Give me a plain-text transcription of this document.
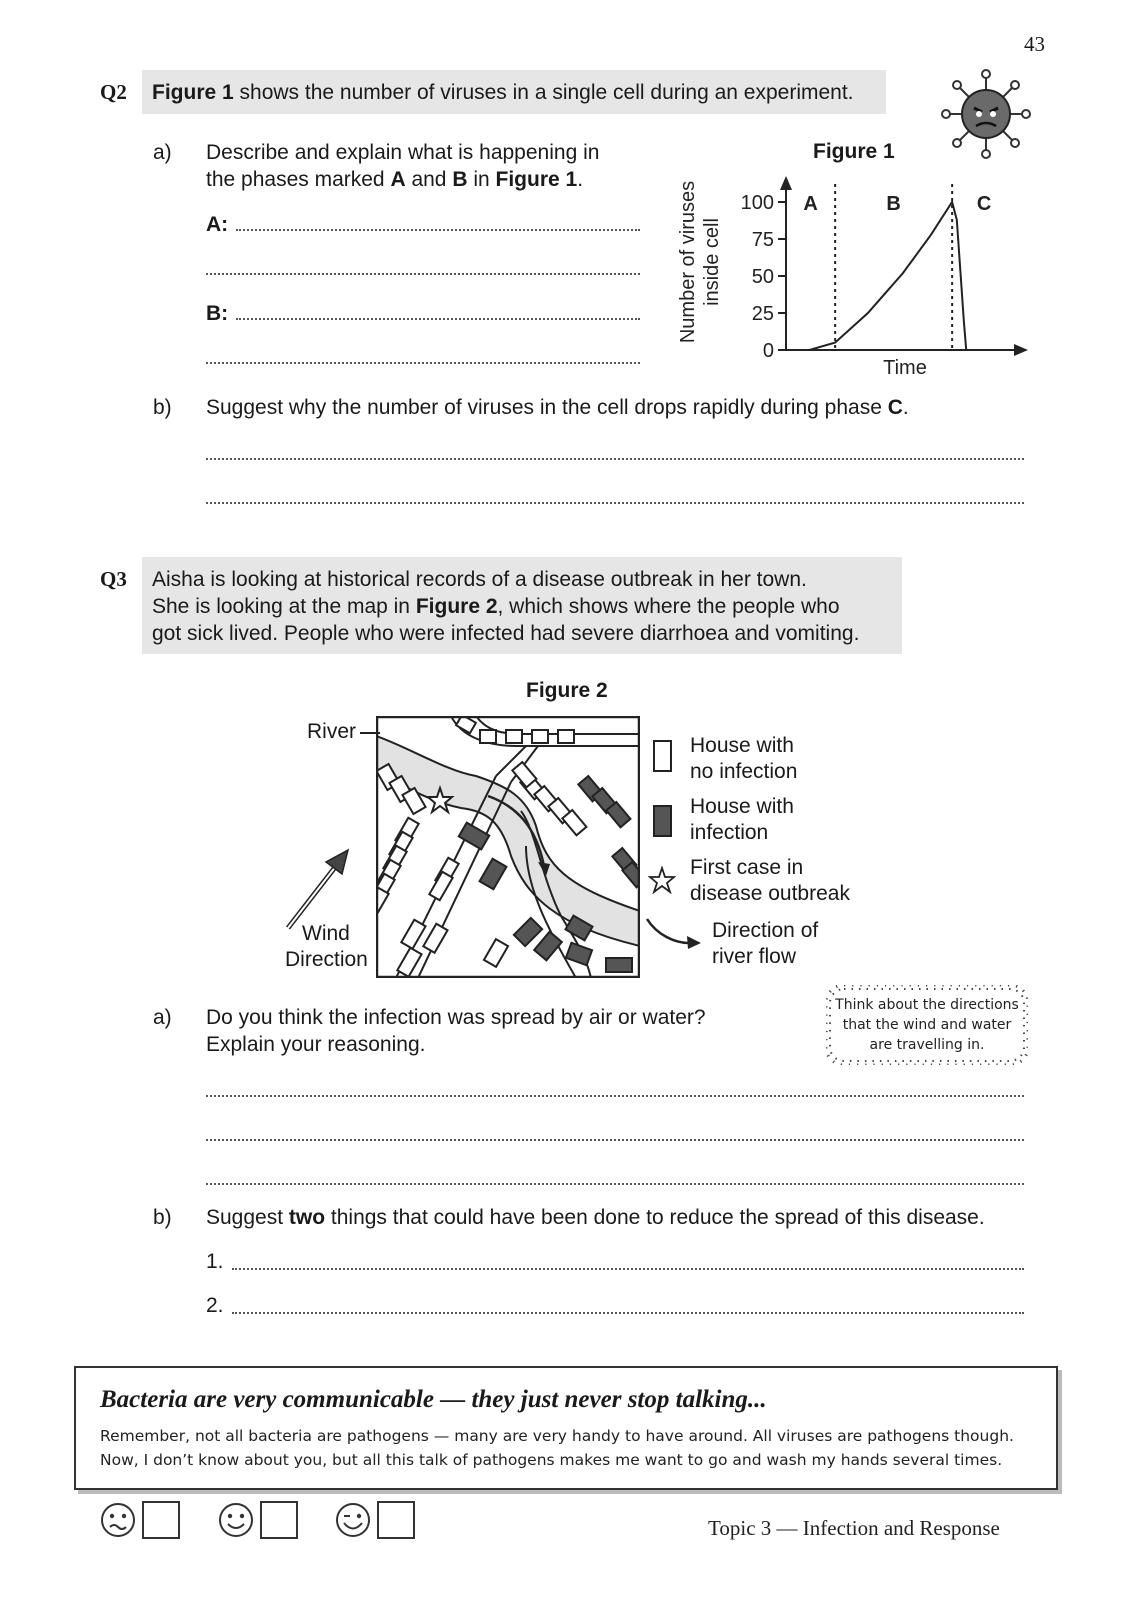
43
Q2	Figure 1 shows the number of viruses in a single cell during an experiment.
a) Describe and explain what is happening in
the phases marked A and B in Figure 1.
A:
B:
Figure 1
Number of viruses inside cell
0
25
50
75
100 A	B	C
Time
b) Suggest why the number of viruses in the cell drops rapidly during phase C.
Q3 Aisha is looking at historical records of a disease outbreak in her town.
She is looking at the map in Figure 2, which shows where the people who
got sick lived. People who were infected had severe diarrhoea and vomiting.
Figure 2
River
Wind
Direction
House with
no infection
House with
infection
First case in
disease outbreak
Direction of
river flow
Think about the directions
that the wind and water
are travelling in.
a) Do you think the infection was spread by air or water?
Explain your reasoning.
b) Suggest two things that could have been done to reduce the spread of this disease.
1.
2.
Bacteria are very communicable — they just never stop talking...
Remember, not all bacteria are pathogens — many are very handy to have around. All viruses are pathogens though.
Now, I don’t know about you, but all this talk of pathogens makes me want to go and wash my hands several times.
Topic 3 — Infection and Response
